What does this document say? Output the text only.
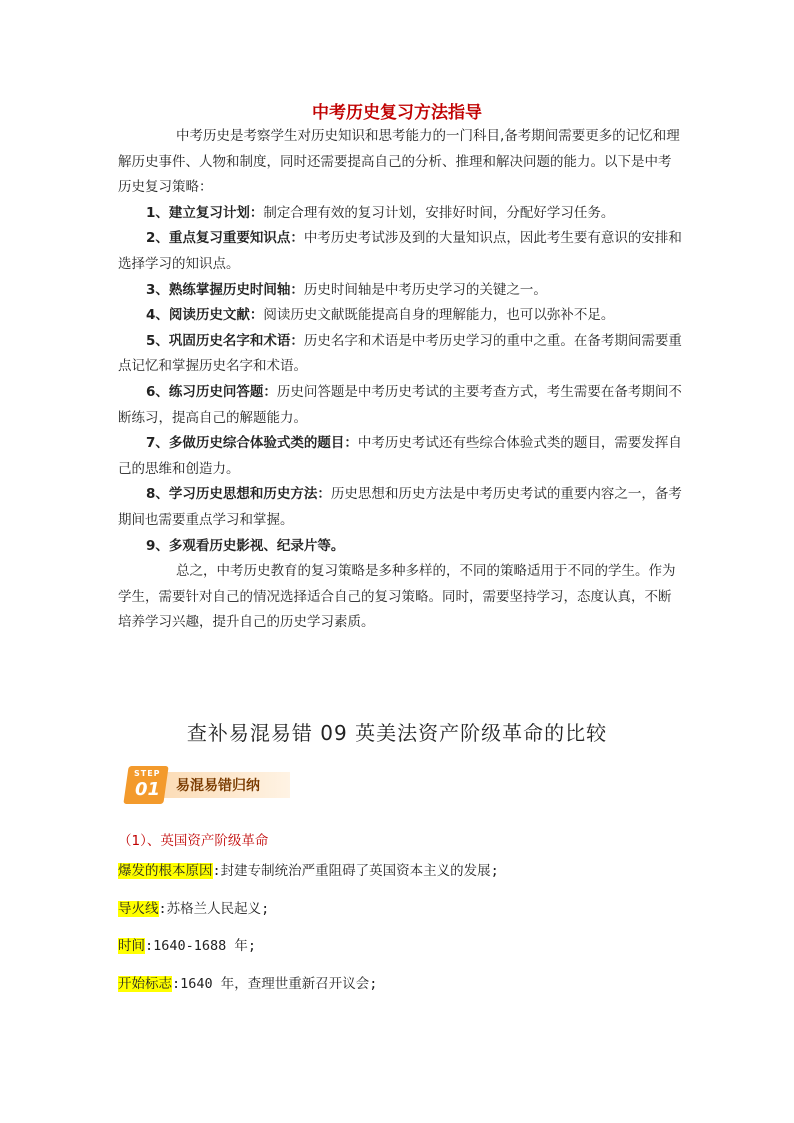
中考历史复习方法指导

中考历史是考察学生对历史知识和思考能力的一门科目,备考期间需要更多的记忆和理解历史事件、人物和制度，同时还需要提高自己的分析、推理和解决问题的能力。以下是中考历史复习策略：

1、建立复习计划：制定合理有效的复习计划，安排好时间，分配好学习任务。

2、重点复习重要知识点：中考历史考试涉及到的大量知识点，因此考生要有意识的安排和选择学习的知识点。

3、熟练掌握历史时间轴：历史时间轴是中考历史学习的关键之一。

4、阅读历史文献：阅读历史文献既能提高自身的理解能力，也可以弥补不足。

5、巩固历史名字和术语：历史名字和术语是中考历史学习的重中之重。在备考期间需要重点记忆和掌握历史名字和术语。

6、练习历史问答题：历史问答题是中考历史考试的主要考查方式，考生需要在备考期间不断练习，提高自己的解题能力。

7、多做历史综合体验式类的题目：中考历史考试还有些综合体验式类的题目，需要发挥自己的思维和创造力。

8、学习历史思想和历史方法：历史思想和历史方法是中考历史考试的重要内容之一，备考期间也需要重点学习和掌握。

9、多观看历史影视、纪录片等。

总之，中考历史教育的复习策略是多种多样的，不同的策略适用于不同的学生。作为学生，需要针对自己的情况选择适合自己的复习策略。同时，需要坚持学习，态度认真，不断培养学习兴趣，提升自己的历史学习素质。

查补易混易错 09 英美法资产阶级革命的比较
易混易错归纳
STEP
01
（1）、英国资产阶级革命
爆发的根本原因:封建专制统治严重阻碍了英国资本主义的发展;
导火线:苏格兰人民起义;
时间:1640-1688 年;
开始标志:1640 年，查理世重新召开议会;
